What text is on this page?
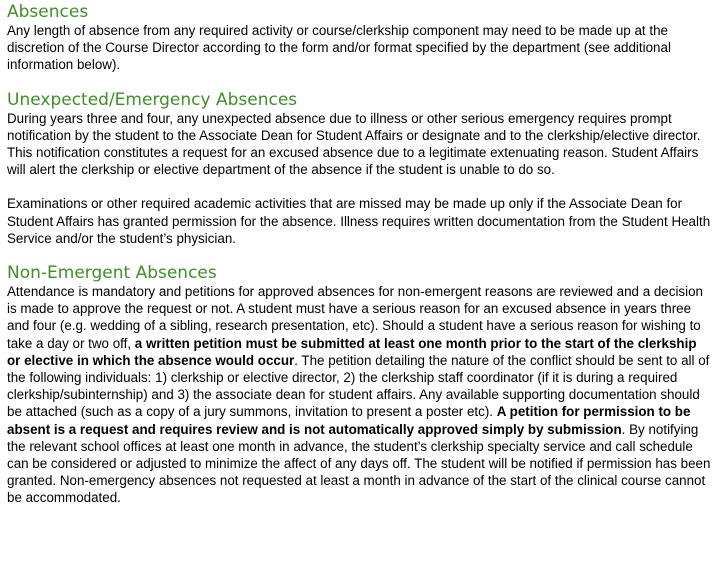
Absences

Any length of absence from any required activity or course/clerkship component may need to be made up at the discretion of the Course Director according to the form and/or format specified by the department (see additional information below).

Unexpected/Emergency Absences

During years three and four, any unexpected absence due to illness or other serious emergency requires prompt notification by the student to the Associate Dean for Student Affairs or designate and to the clerkship/elective director. This notification constitutes a request for an excused absence due to a legitimate extenuating reason. Student Affairs will alert the clerkship or elective department of the absence if the student is unable to do so.

Examinations or other required academic activities that are missed may be made up only if the Associate Dean for Student Affairs has granted permission for the absence. Illness requires written documentation from the Student Health Service and/or the student’s physician.

Non-Emergent Absences

Attendance is mandatory and petitions for approved absences for non-emergent reasons are reviewed and a decision is made to approve the request or not. A student must have a serious reason for an excused absence in years three and four (e.g. wedding of a sibling, research presentation, etc). Should a student have a serious reason for wishing to take a day or two off, a written petition must be submitted at least one month prior to the start of the clerkship or elective in which the absence would occur. The petition detailing the nature of the conflict should be sent to all of the following individuals: 1) clerkship or elective director, 2) the clerkship staff coordinator (if it is during a required clerkship/subinternship) and 3) the associate dean for student affairs. Any available supporting documentation should be attached (such as a copy of a jury summons, invitation to present a poster etc). A petition for permission to be absent is a request and requires review and is not automatically approved simply by submission. By notifying the relevant school offices at least one month in advance, the student’s clerkship specialty service and call schedule can be considered or adjusted to minimize the affect of any days off. The student will be notified if permission has been granted. Non-emergency absences not requested at least a month in advance of the start of the clinical course cannot be accommodated.
